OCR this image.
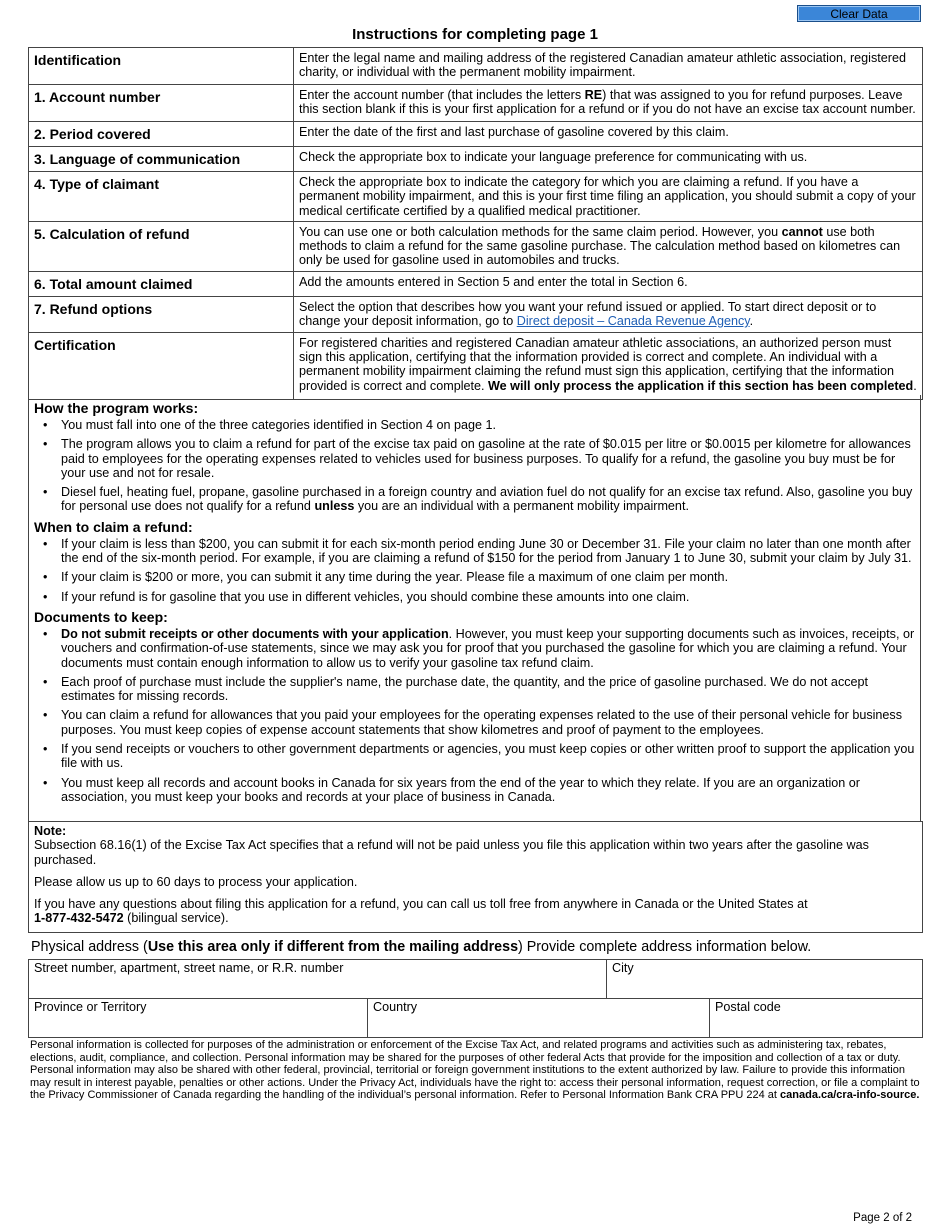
Clear Data
Instructions for completing page 1
Identification	Enter the legal name and mailing address of the registered Canadian amateur athletic association, registered charity, or individual with the permanent mobility impairment.
1. Account number	Enter the account number (that includes the letters RE) that was assigned to you for refund purposes. Leave this section blank if this is your first application for a refund or if you do not have an excise tax account number.
2. Period covered	Enter the date of the first and last purchase of gasoline covered by this claim.
3. Language of communication	Check the appropriate box to indicate your language preference for communicating with us.
4. Type of claimant	Check the appropriate box to indicate the category for which you are claiming a refund. If you have a permanent mobility impairment, and this is your first time filing an application, you should submit a copy of your medical certificate certified by a qualified medical practitioner.
5. Calculation of refund	You can use one or both calculation methods for the same claim period. However, you cannot use both methods to claim a refund for the same gasoline purchase. The calculation method based on kilometres can only be used for gasoline used in automobiles and trucks.
6. Total amount claimed	Add the amounts entered in Section 5 and enter the total in Section 6.
7. Refund options	Select the option that describes how you want your refund issued or applied. To start direct deposit or to change your deposit information, go to Direct deposit – Canada Revenue Agency.
Certification	For registered charities and registered Canadian amateur athletic associations, an authorized person must sign this application, certifying that the information provided is correct and complete. An individual with a permanent mobility impairment claiming the refund must sign this application, certifying that the information provided is correct and complete. We will only process the application if this section has been completed.
How the program works:
• You must fall into one of the three categories identified in Section 4 on page 1.
• The program allows you to claim a refund for part of the excise tax paid on gasoline at the rate of $0.015 per litre or $0.0015 per kilometre for allowances paid to employees for the operating expenses related to vehicles used for business purposes. To qualify for a refund, the gasoline you buy must be for your use and not for resale.
• Diesel fuel, heating fuel, propane, gasoline purchased in a foreign country and aviation fuel do not qualify for an excise tax refund. Also, gasoline you buy for personal use does not qualify for a refund unless you are an individual with a permanent mobility impairment.
When to claim a refund:
• If your claim is less than $200, you can submit it for each six-month period ending June 30 or December 31. File your claim no later than one month after the end of the six-month period. For example, if you are claiming a refund of $150 for the period from January 1 to June 30, submit your claim by July 31.
• If your claim is $200 or more, you can submit it any time during the year. Please file a maximum of one claim per month.
• If your refund is for gasoline that you use in different vehicles, you should combine these amounts into one claim.
Documents to keep:
• Do not submit receipts or other documents with your application. However, you must keep your supporting documents such as invoices, receipts, or vouchers and confirmation-of-use statements, since we may ask you for proof that you purchased the gasoline for which you are claiming a refund. Your documents must contain enough information to allow us to verify your gasoline tax refund claim.
• Each proof of purchase must include the supplier's name, the purchase date, the quantity, and the price of gasoline purchased. We do not accept estimates for missing records.
• You can claim a refund for allowances that you paid your employees for the operating expenses related to the use of their personal vehicle for business purposes. You must keep copies of expense account statements that show kilometres and proof of payment to the employees.
• If you send receipts or vouchers to other government departments or agencies, you must keep copies or other written proof to support the application you file with us.
• You must keep all records and account books in Canada for six years from the end of the year to which they relate. If you are an organization or association, you must keep your books and records at your place of business in Canada.
Note:

Subsection 68.16(1) of the Excise Tax Act specifies that a refund will not be paid unless you file this application within two years after the gasoline was purchased.

Please allow us up to 60 days to process your application.

If you have any questions about filing this application for a refund, you can call us toll free from anywhere in Canada or the United States at
1-877-432-5472 (bilingual service).

Physical address (Use this area only if different from the mailing address) Provide complete address information below.
Street number, apartment, street name, or R.R. number	City
Province or Territory	Country	Postal code
Personal information is collected for purposes of the administration or enforcement of the Excise Tax Act, and related programs and activities such as administering tax, rebates, elections, audit, compliance, and collection. Personal information may be shared for the purposes of other federal Acts that provide for the imposition and collection of a tax or duty. Personal information may also be shared with other federal, provincial, territorial or foreign government institutions to the extent authorized by law. Failure to provide this information may result in interest payable, penalties or other actions. Under the Privacy Act, individuals have the right to: access their personal information, request correction, or file a complaint to the Privacy Commissioner of Canada regarding the handling of the individual’s personal information. Refer to Personal Information Bank CRA PPU 224 at canada.ca/cra-info-source.
Page 2 of 2
